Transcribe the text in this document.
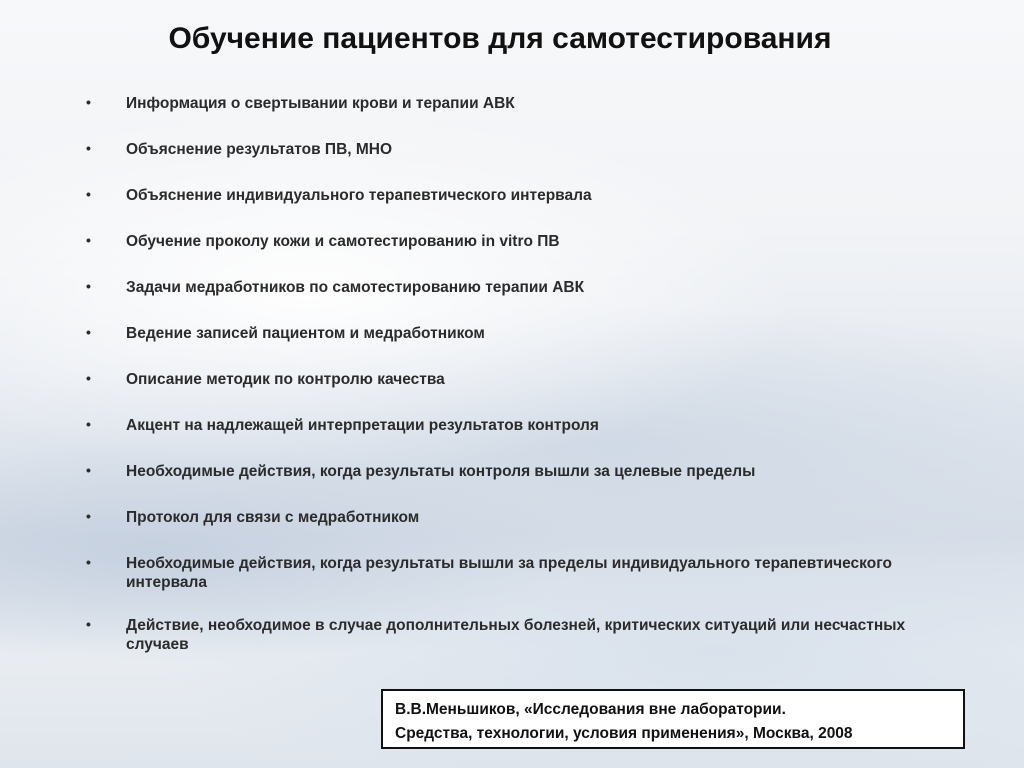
Обучение пациентов для самотестирования
• Информация о свертывании крови и терапии АВК
• Объяснение результатов ПВ, МНО
• Объяснение индивидуального терапевтического интервала
• Обучение проколу кожи и самотестированию in vitro ПВ
• Задачи медработников по самотестированию терапии АВК
• Ведение записей пациентом и медработником
• Описание методик по контролю качества
• Акцент на надлежащей интерпретации результатов контроля
• Необходимые действия, когда результаты контроля вышли за целевые пределы
• Протокол для связи с медработником
• Необходимые действия, когда результаты вышли за пределы индивидуального терапевтического интервала
• Действие, необходимое в случае дополнительных болезней, критических ситуаций или несчастных случаев
В.В.Меньшиков, «Исследования вне лаборатории.
Средства, технологии, условия применения», Москва, 2008
